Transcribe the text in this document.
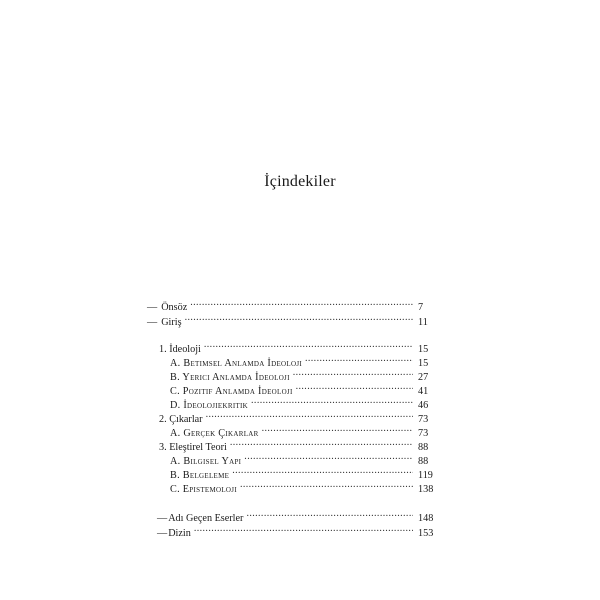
İçindekiler
— Önsöz .....	7
— Giriş .....	11
1. İdeoloji .....	15
A. Betimsel Anlamda İdeoloji .....	15
B. Yerici Anlamda İdeoloji .....	27
C. Pozitif Anlamda İdeoloji .....	41
D. İdeolojiekritik .....	46
2. Çıkarlar .....	73
A. Gerçek Çıkarlar .....	73
3. Eleştirel Teori .....	88
A. Bilgisel Yapı .....	88
B. Belgeleme .....	119
C. Epistemoloji .....	138
—Adı Geçen Eserler .....	148
—Dizin .....	153
